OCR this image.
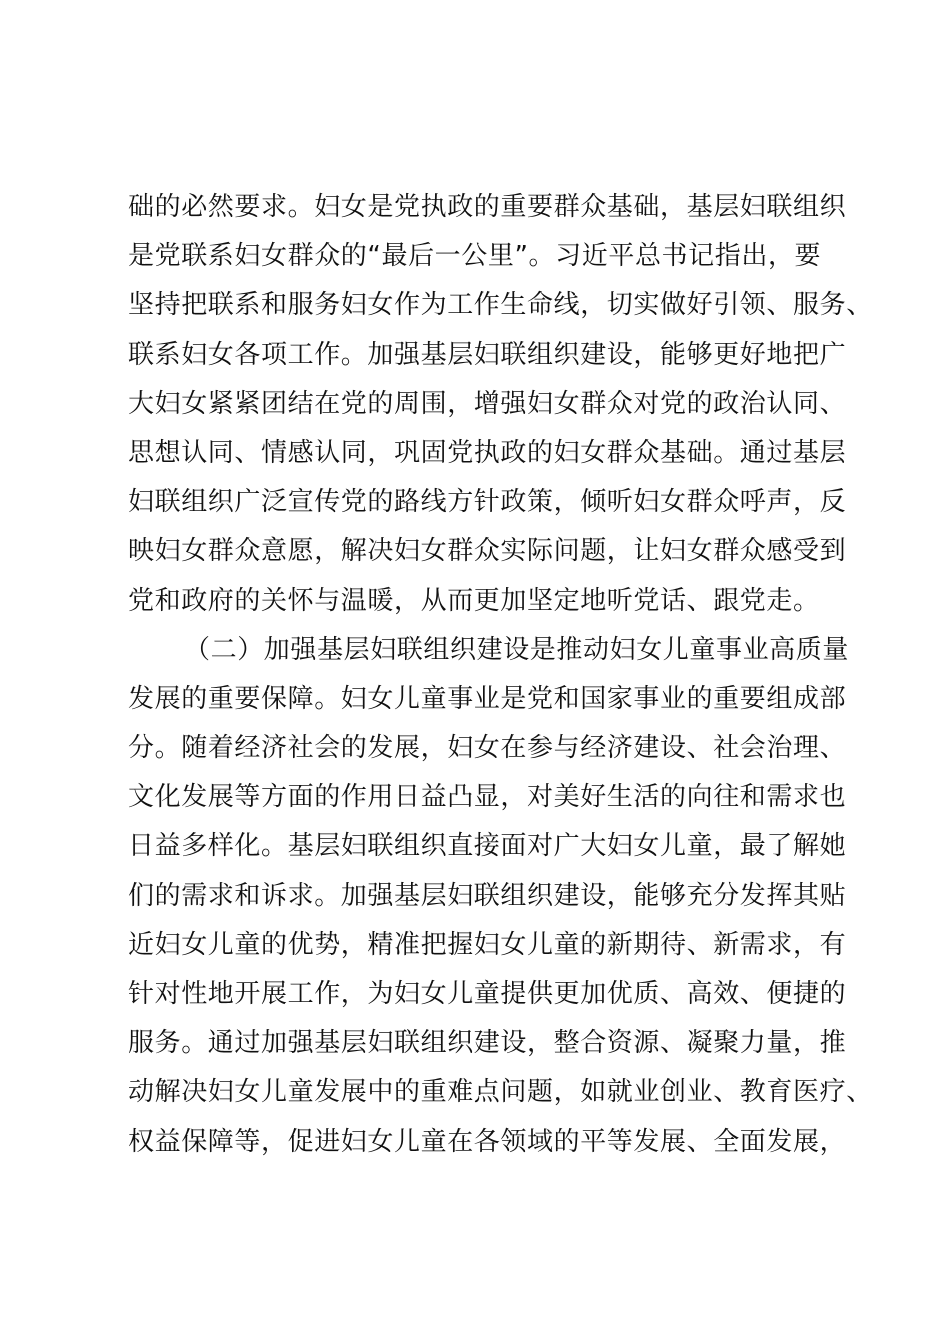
础的必然要求。妇女是党执政的重要群众基础，基层妇联组织
是党联系妇女群众的“最后一公里”。习近平总书记指出，要
坚持把联系和服务妇女作为工作生命线，切实做好引领、服务、
联系妇女各项工作。加强基层妇联组织建设，能够更好地把广
大妇女紧紧团结在党的周围，增强妇女群众对党的政治认同、
思想认同、情感认同，巩固党执政的妇女群众基础。通过基层
妇联组织广泛宣传党的路线方针政策，倾听妇女群众呼声，反
映妇女群众意愿，解决妇女群众实际问题，让妇女群众感受到
党和政府的关怀与温暖，从而更加坚定地听党话、跟党走。
（二）加强基层妇联组织建设是推动妇女儿童事业高质量
发展的重要保障。妇女儿童事业是党和国家事业的重要组成部
分。随着经济社会的发展，妇女在参与经济建设、社会治理、
文化发展等方面的作用日益凸显，对美好生活的向往和需求也
日益多样化。基层妇联组织直接面对广大妇女儿童，最了解她
们的需求和诉求。加强基层妇联组织建设，能够充分发挥其贴
近妇女儿童的优势，精准把握妇女儿童的新期待、新需求，有
针对性地开展工作，为妇女儿童提供更加优质、高效、便捷的
服务。通过加强基层妇联组织建设，整合资源、凝聚力量，推
动解决妇女儿童发展中的重难点问题，如就业创业、教育医疗、
权益保障等，促进妇女儿童在各领域的平等发展、全面发展，
